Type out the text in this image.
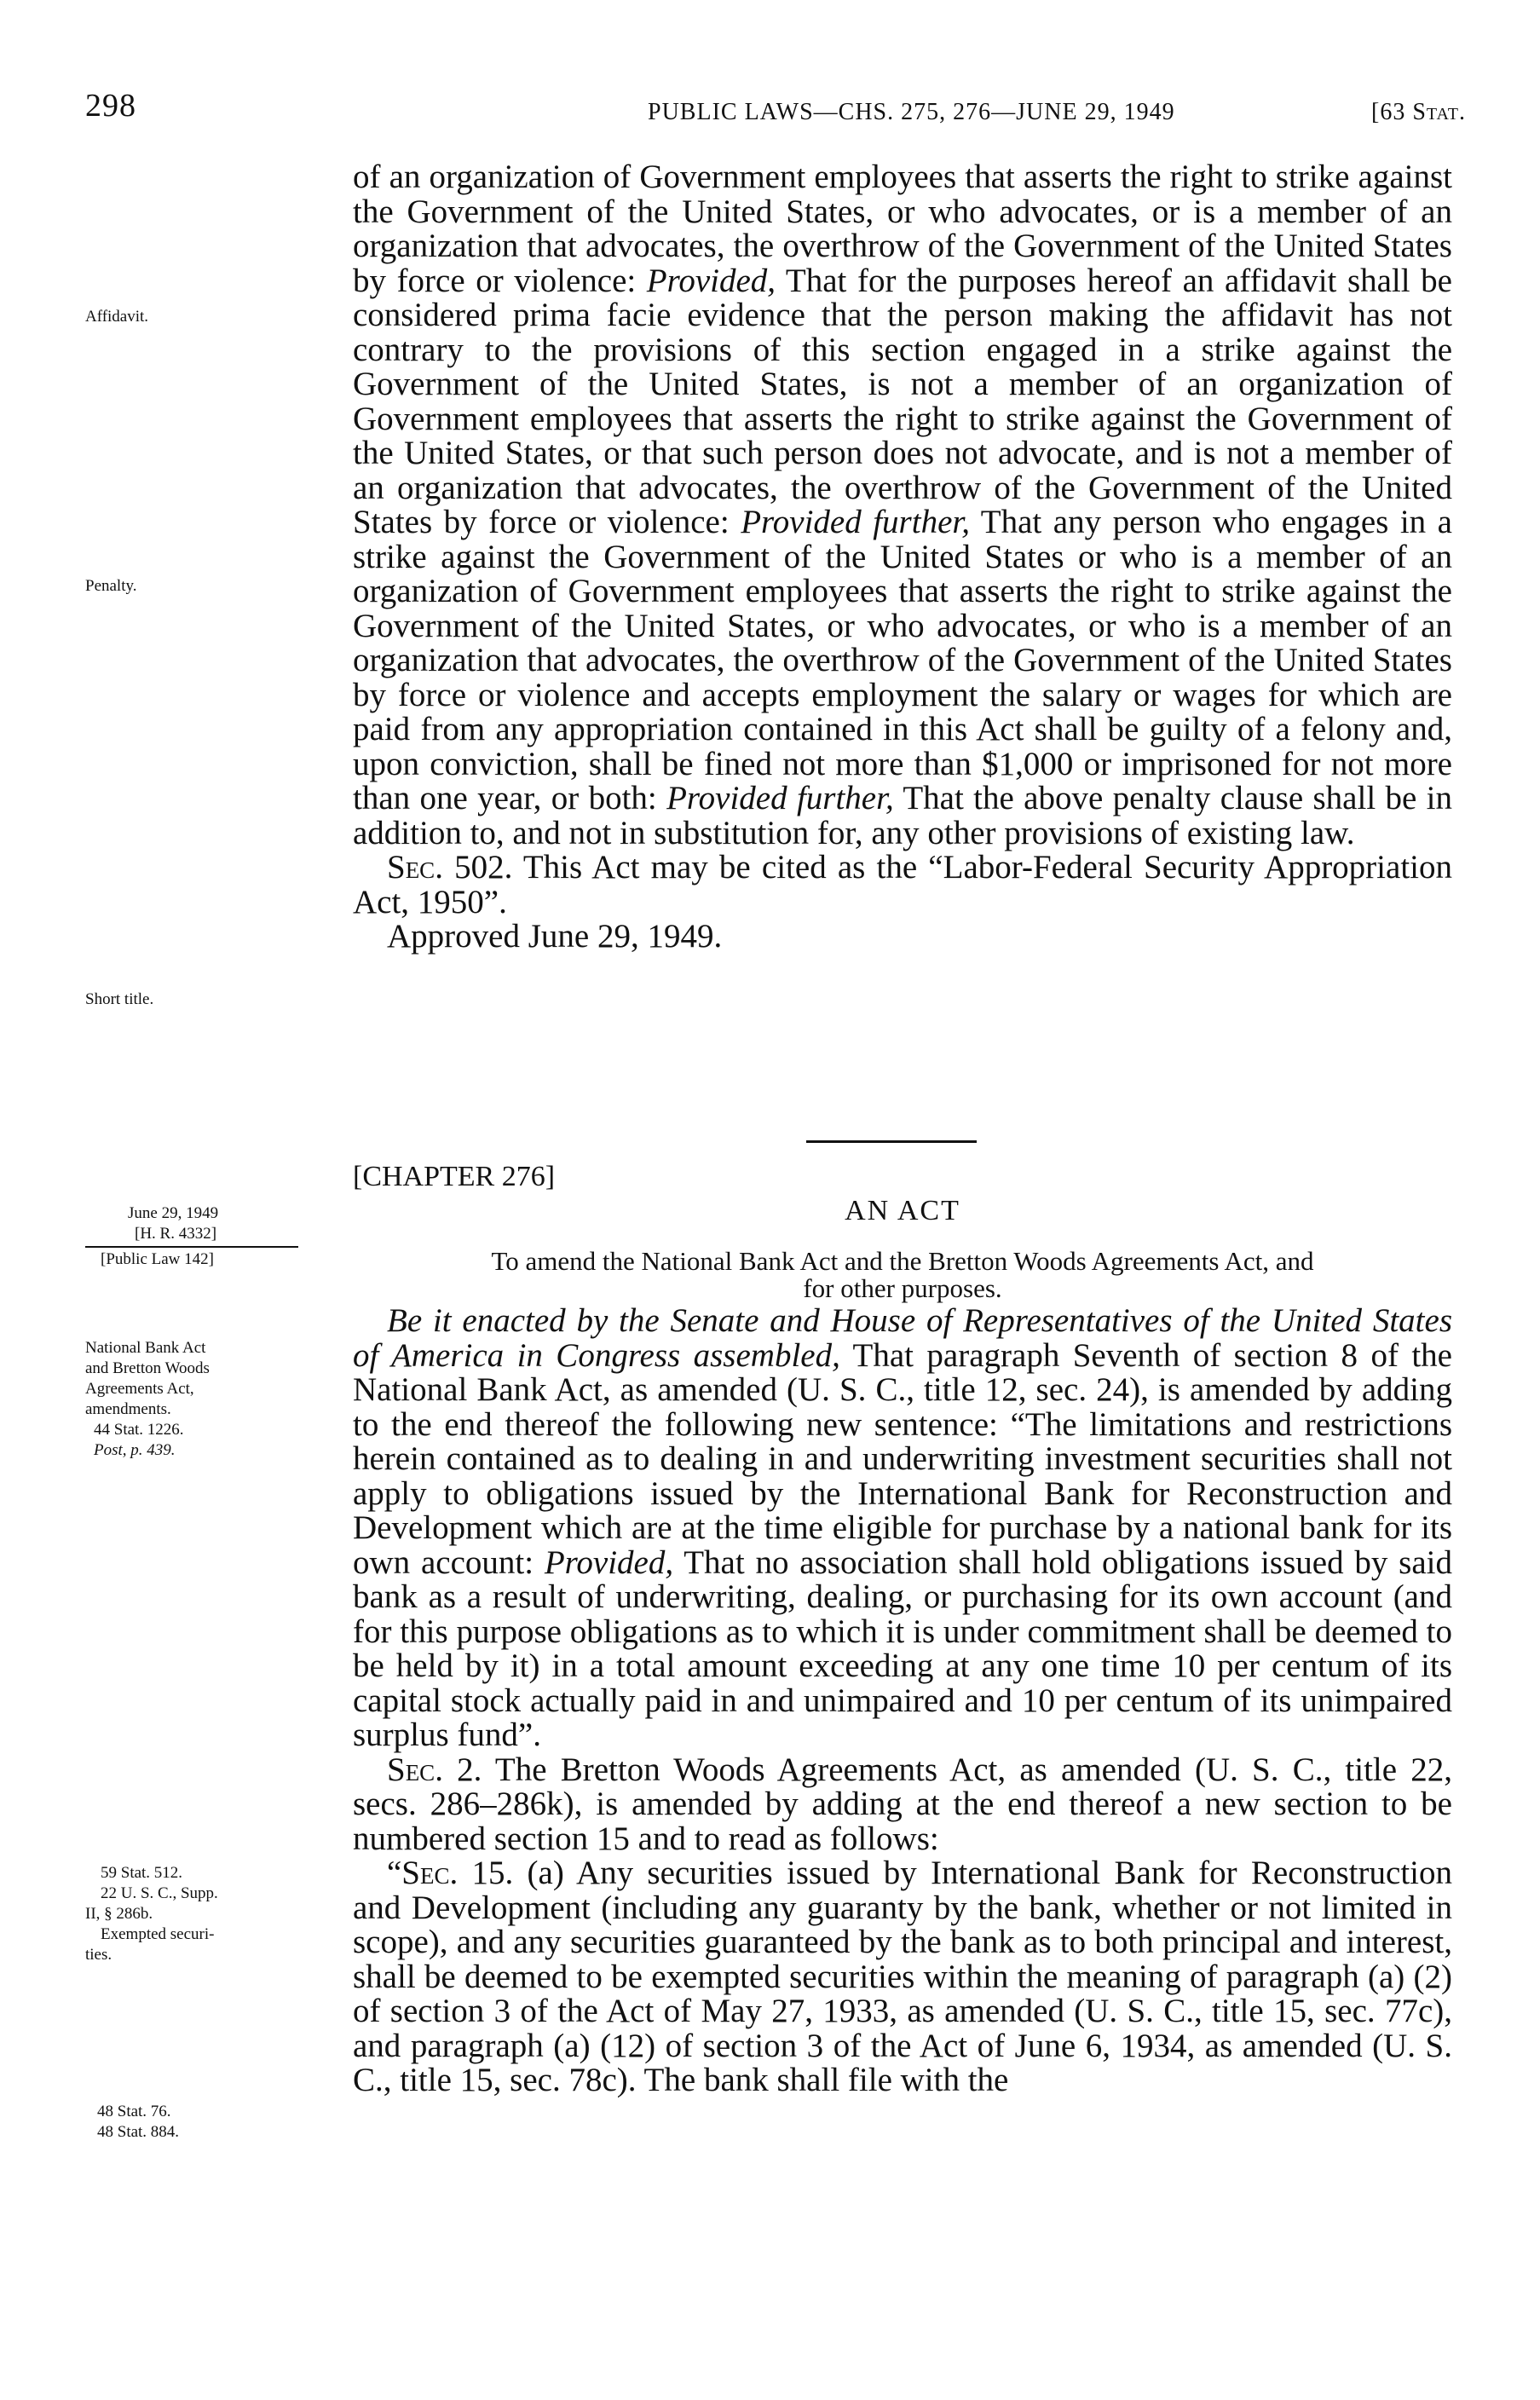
298	PUBLIC LAWS—CHS. 275, 276—JUNE 29, 1949	[63 Stat.
Affidavit.
Penalty.
Short title.
June 29, 1949
[H. R. 4332]
[Public Law 142]
National Bank Act
and Bretton Woods
Agreements Act,
amendments.
44 Stat. 1226.
Post, p. 439.
59 Stat. 512.
22 U. S. C., Supp.
II, § 286b.
Exempted securi-
ties.
48 Stat. 76.
48 Stat. 884.

of an organization of Government employees that asserts the right to strike against the Government of the United States, or who advocates, or is a member of an organization that advocates, the overthrow of the Government of the United States by force or violence: Provided, That for the purposes hereof an affidavit shall be considered prima facie evidence that the person making the affidavit has not contrary to the provisions of this section engaged in a strike against the Government of the United States, is not a member of an organization of Government employees that asserts the right to strike against the Government of the United States, or that such person does not advocate, and is not a member of an organization that advocates, the overthrow of the Government of the United States by force or violence: Provided further, That any person who engages in a strike against the Government of the United States or who is a member of an organization of Government employees that asserts the right to strike against the Government of the United States, or who advocates, or who is a member of an organization that advocates, the overthrow of the Government of the United States by force or violence and accepts employment the salary or wages for which are paid from any appropriation contained in this Act shall be guilty of a felony and, upon conviction, shall be fined not more than $1,000 or imprisoned for not more than one year, or both: Provided further, That the above penalty clause shall be in addition to, and not in substitution for, any other provisions of existing law.

Sec. 502. This Act may be cited as the “Labor-Federal Security Appropriation Act, 1950”.

Approved June 29, 1949.

[CHAPTER 276]
AN ACT
To amend the National Bank Act and the Bretton Woods Agreements Act, and
for other purposes.

Be it enacted by the Senate and House of Representatives of the United States of America in Congress assembled, That paragraph Seventh of section 8 of the National Bank Act, as amended (U. S. C., title 12, sec. 24), is amended by adding to the end thereof the following new sentence: “The limitations and restrictions herein contained as to dealing in and underwriting investment securities shall not apply to obligations issued by the International Bank for Reconstruction and Development which are at the time eligible for purchase by a national bank for its own account: Provided, That no association shall hold obligations issued by said bank as a result of underwriting, dealing, or purchasing for its own account (and for this purpose obligations as to which it is under commitment shall be deemed to be held by it) in a total amount exceeding at any one time 10 per centum of its capital stock actually paid in and unimpaired and 10 per centum of its unimpaired surplus fund”.

Sec. 2. The Bretton Woods Agreements Act, as amended (U. S. C., title 22, secs. 286–286k), is amended by adding at the end thereof a new section to be numbered section 15 and to read as follows:

“Sec. 15. (a) Any securities issued by International Bank for Reconstruction and Development (including any guaranty by the bank, whether or not limited in scope), and any securities guaranteed by the bank as to both principal and interest, shall be deemed to be exempted securities within the meaning of paragraph (a) (2) of section 3 of the Act of May 27, 1933, as amended (U. S. C., title 15, sec. 77c), and paragraph (a) (12) of section 3 of the Act of June 6, 1934, as amended (U. S. C., title 15, sec. 78c). The bank shall file with the
